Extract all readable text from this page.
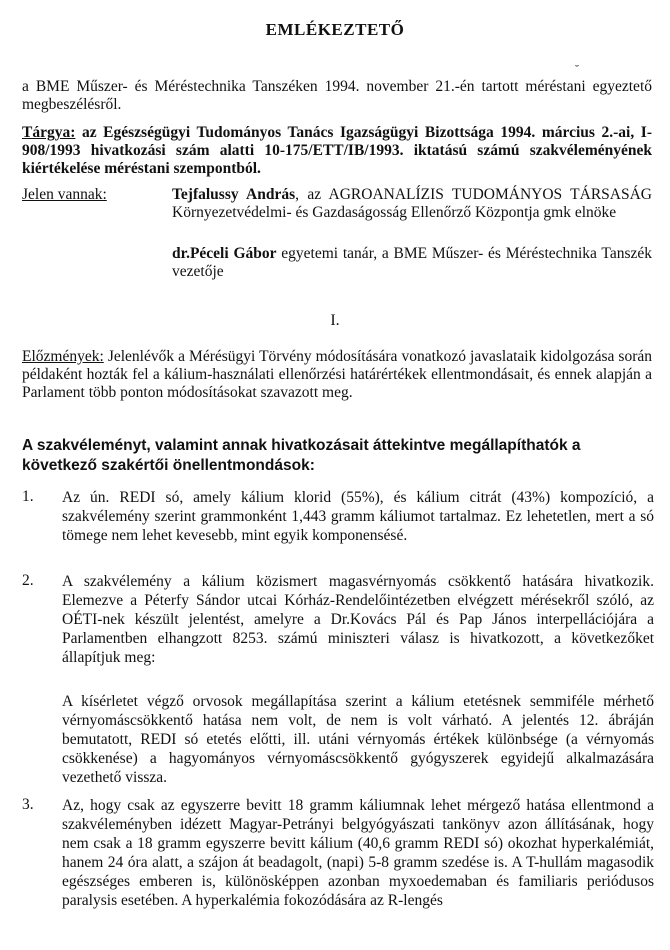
EMLÉKEZTETŐ
˘
a BME Műszer- és Méréstechnika Tanszéken 1994. november 21.-én tartott méréstani egyeztető megbeszélésről.
Tárgya: az Egészségügyi Tudományos Tanács Igazságügyi Bizottsága 1994. március 2.-ai, I-908/1993 hivatkozási szám alatti 10-175/ETT/IB/1993. iktatású számú szakvéleményének kiértékelése méréstani szempontból.
Jelen vannak:	Tejfalussy András, az AGROANALÍZIS TUDOMÁNYOS TÁRSASÁG Környezetvédelmi- és Gazdaságosság Ellenőrző Központja gmk elnöke
dr.Péceli Gábor egyetemi tanár, a BME Műszer- és Méréstechnika Tanszék vezetője
I.
Előzmények: Jelenlévők a Mérésügyi Törvény módosítására vonatkozó javaslataik kidolgozása során példaként hozták fel a kálium-használati ellenőrzési határértékek ellentmondásait, és ennek alapján a Parlament több ponton módosításokat szavazott meg.
A szakvéleményt, valamint annak hivatkozásait áttekintve megállapíthatók a következő szakértői önellentmondások:
1. Az ún. REDI só, amely kálium klorid (55%), és kálium citrát (43%) kompozíció, a szakvélemény szerint grammonként 1,443 gramm káliumot tartalmaz. Ez lehetetlen, mert a só tömege nem lehet kevesebb, mint egyik komponensésé.
2. A szakvélemény a kálium közismert magasvérnyomás csökkentő hatására hivatkozik. Elemezve a Péterfy Sándor utcai Kórház-Rendelőintézetben elvégzett mérésekről szóló, az OÉTI-nek készült jelentést, amelyre a Dr.Kovács Pál és Pap János interpellációjára a Parlamentben elhangzott 8253. számú miniszteri válasz is hivatkozott, a következőket állapítjuk meg:
A kísérletet végző orvosok megállapítása szerint a kálium etetésnek semmiféle mérhető vérnyomáscsökkentő hatása nem volt, de nem is volt várható. A jelentés 12. ábráján bemutatott, REDI só etetés előtti, ill. utáni vérnyomás értékek különbsége (a vérnyomás csökkenése) a hagyományos vérnyomáscsökkentő gyógyszerek egyidejű alkalmazására vezethető vissza.
3. Az, hogy csak az egyszerre bevitt 18 gramm káliumnak lehet mérgező hatása ellentmond a szakvéleményben idézett Magyar-Petrányi belgyógyászati tankönyv azon állításának, hogy nem csak a 18 gramm egyszerre bevitt kálium (40,6 gramm REDI só) okozhat hyperkalémiát, hanem 24 óra alatt, a szájon át beadagolt, (napi) 5-8 gramm szedése is. A T-hullám magasodik egészséges emberen is, különösképpen azonban myxoedemaban és familiaris periódusos paralysis esetében. A hyperkalémia fokozódására az R-lengés
